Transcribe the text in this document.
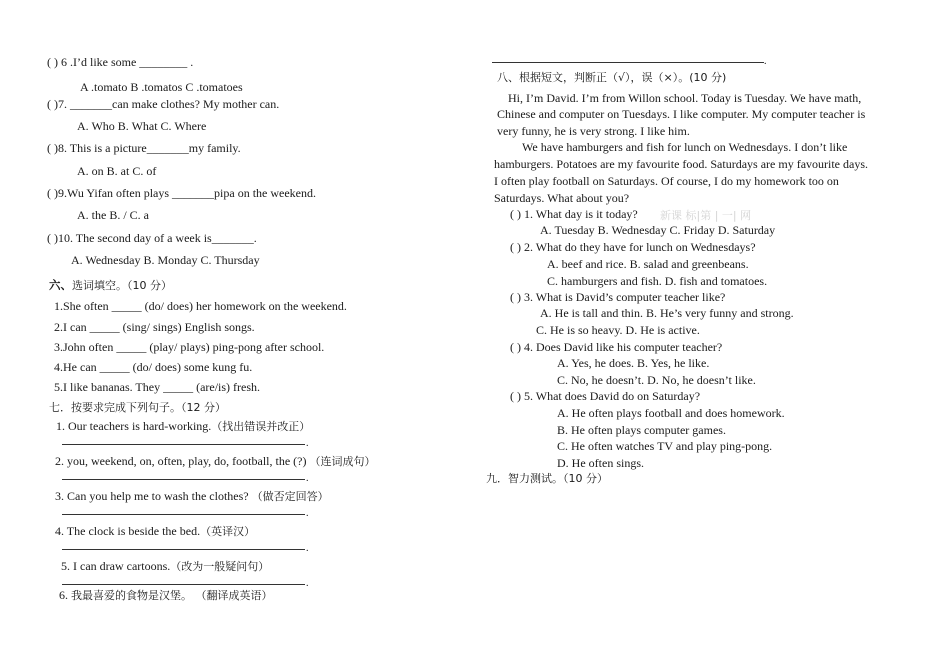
( ) 6 .I’d like some ________ .
A .tomato B .tomatos C .tomatoes
( )7. _______can make clothes? My mother can.
A. Who B. What C. Where
( )8. This is a picture_______my family.
A. on B. at C. of
( )9.Wu Yifan often plays _______pipa on the weekend.
A. the B. / C. a
( )10. The second day of a week is_______.
A. Wednesday B. Monday C. Thursday
六、选词填空。（10 分）
1.She often _____ (do/ does) her homework on the weekend.
2.I can _____ (sing/ sings) English songs.
3.John often _____ (play/ plays) ping-pong after school.
4.He can _____ (do/ does) some kung fu.
5.I like bananas. They _____ (are/is) fresh.
七．按要求完成下列句子。（12 分）
1. Our teachers is hard-working.（找出错误并改正）
.
2. you, weekend, on, often, play, do, football, the (?) （连词成句）
.
3. Can you help me to wash the clothes? （做否定回答）
.
4. The clock is beside the bed.（英译汉）
.
5. I can draw cartoons.（改为一般疑问句）
.
6. 我最喜爱的食物是汉堡。 （翻译成英语）
.
八、根据短文，判断正（√），误（×）。(10 分)
Hi, I’m David. I’m from Willon school. Today is Tuesday. We have math,
Chinese and computer on Tuesdays. I like computer. My computer teacher is
very funny, he is very strong. I like him.
We have hamburgers and fish for lunch on Wednesdays. I don’t like
hamburgers. Potatoes are my favourite food. Saturdays are my favourite days.
I often play football on Saturdays. Of course, I do my homework too on
Saturdays. What about you?
( ) 1. What day is it today? 新课 标|第 | 一| 网
A. Tuesday B. Wednesday C. Friday D. Saturday
( ) 2. What do they have for lunch on Wednesdays?
A. beef and rice. B. salad and greenbeans.
C. hamburgers and fish. D. fish and tomatoes.
( ) 3. What is David’s computer teacher like?
A. He is tall and thin. B. He’s very funny and strong.
C. He is so heavy. D. He is active.
( ) 4. Does David like his computer teacher?
A. Yes, he does. B. Yes, he like.
C. No, he doesn’t. D. No, he doesn’t like.
( ) 5. What does David do on Saturday?
A. He often plays football and does homework.
B. He often plays computer games.
C. He often watches TV and play ping-pong.
D. He often sings.
九．智力测试。（10 分）
